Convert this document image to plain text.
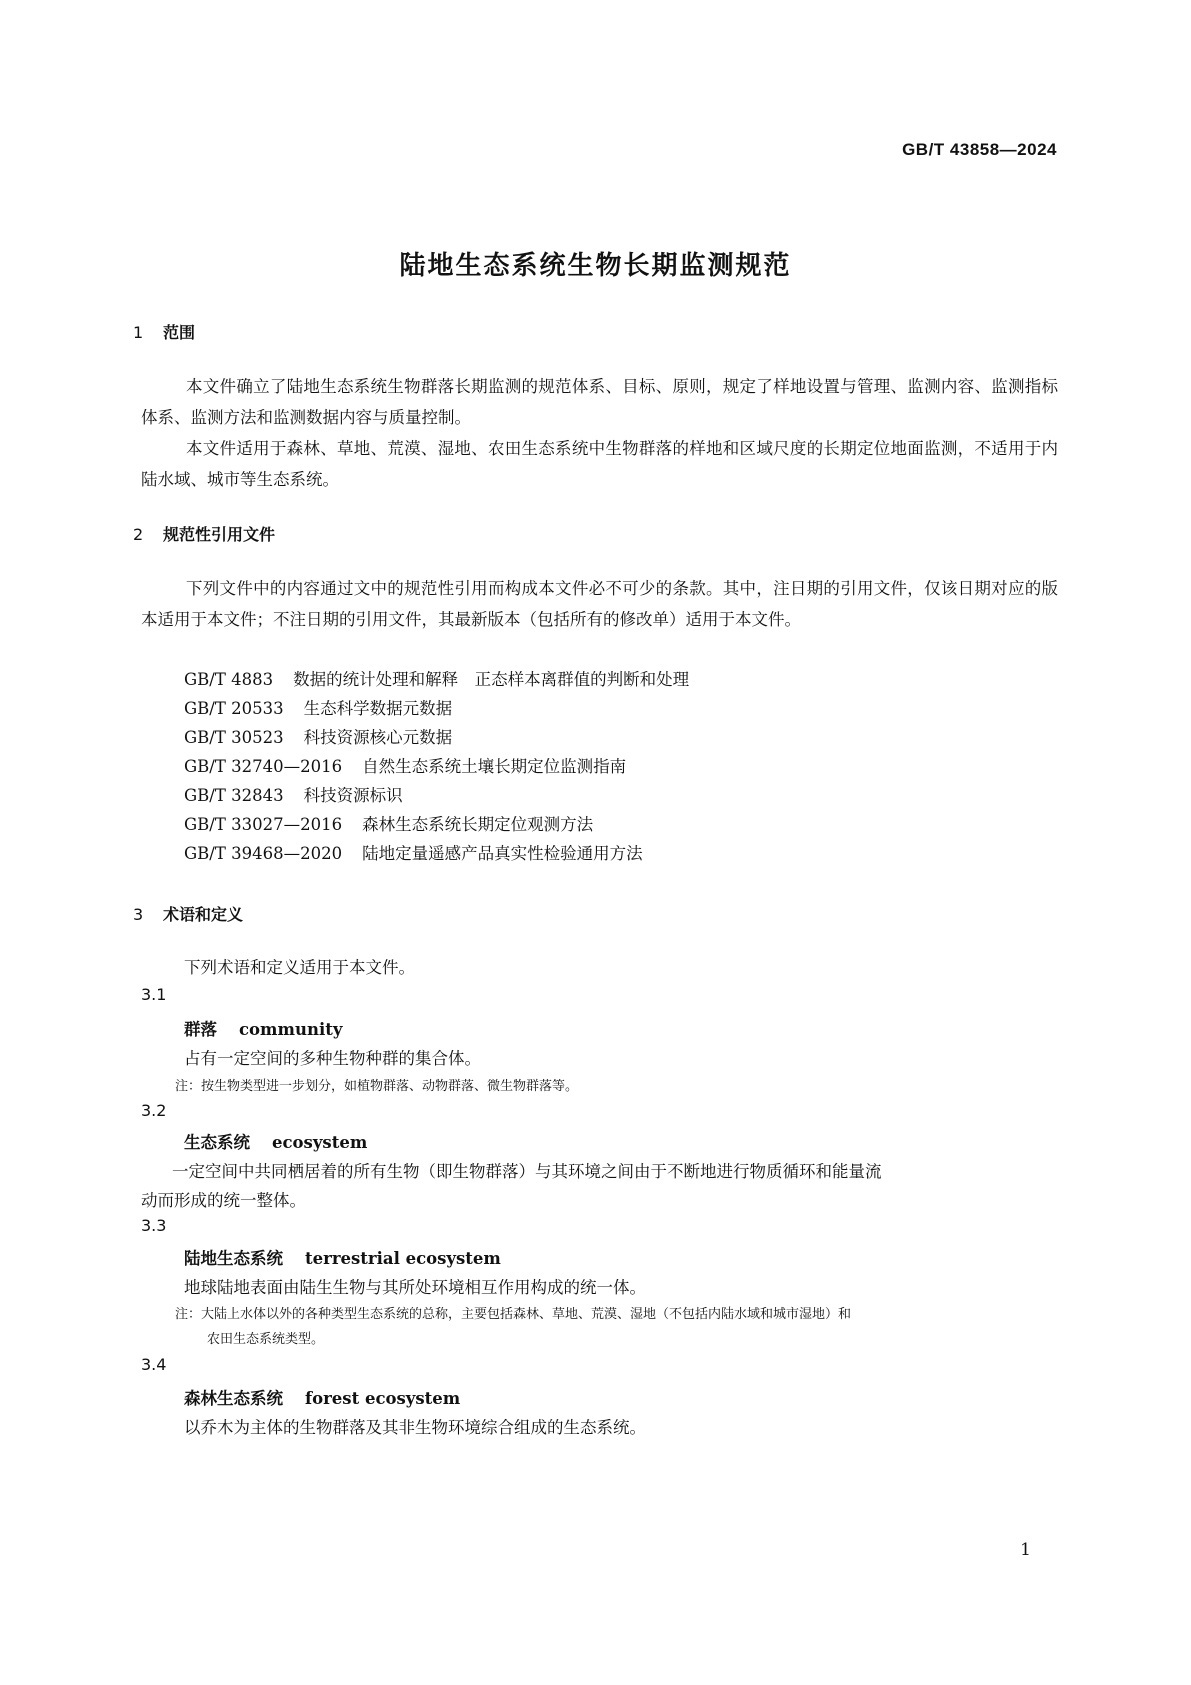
GB/T 43858—2024
陆地生态系统生物长期监测规范
1 范围
本文件确立了陆地生态系统生物群落长期监测的规范体系、目标、原则，规定了样地设置与管理、监测内容、监测指标体系、监测方法和监测数据内容与质量控制。
本文件适用于森林、草地、荒漠、湿地、农田生态系统中生物群落的样地和区域尺度的长期定位地面监测，不适用于内陆水域、城市等生态系统。
2 规范性引用文件
下列文件中的内容通过文中的规范性引用而构成本文件必不可少的条款。其中，注日期的引用文件，仅该日期对应的版本适用于本文件；不注日期的引用文件，其最新版本（包括所有的修改单）适用于本文件。
GB/T 4883 数据的统计处理和解释　正态样本离群值的判断和处理
GB/T 20533 生态科学数据元数据
GB/T 30523 科技资源核心元数据
GB/T 32740—2016 自然生态系统土壤长期定位监测指南
GB/T 32843 科技资源标识
GB/T 33027—2016 森林生态系统长期定位观测方法
GB/T 39468—2020 陆地定量遥感产品真实性检验通用方法
3 术语和定义
下列术语和定义适用于本文件。
3.1
群落 community
占有一定空间的多种生物种群的集合体。
注：按生物类型进一步划分，如植物群落、动物群落、微生物群落等。
3.2
生态系统 ecosystem
一定空间中共同栖居着的所有生物（即生物群落）与其环境之间由于不断地进行物质循环和能量流
动而形成的统一整体。
3.3
陆地生态系统 terrestrial ecosystem
地球陆地表面由陆生生物与其所处环境相互作用构成的统一体。
注：大陆上水体以外的各种类型生态系统的总称，主要包括森林、草地、荒漠、湿地（不包括内陆水域和城市湿地）和
农田生态系统类型。
3.4
森林生态系统 forest ecosystem
以乔木为主体的生物群落及其非生物环境综合组成的生态系统。
1
